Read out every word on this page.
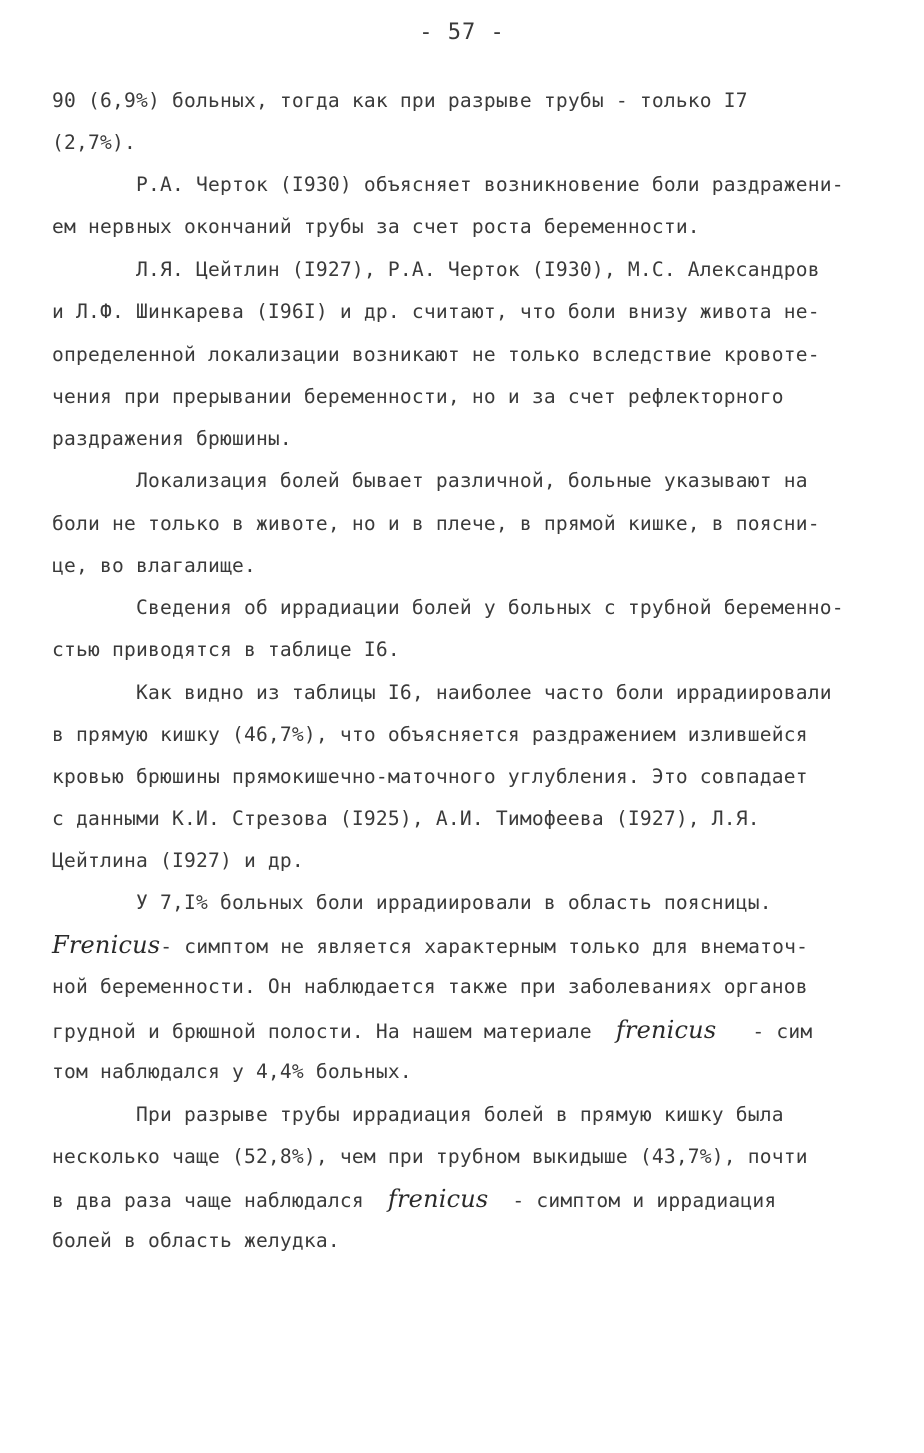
- 57 -
90 (6,9%) больных, тогда как при разрыве трубы - только I7
(2,7%).
Р.А. Черток (I930) объясняет возникновение боли раздражени-
ем нервных окончаний трубы за счет роста беременности.
Л.Я. Цейтлин (I927), Р.А. Черток (I930), М.С. Александров
и Л.Ф. Шинкарева (I96I) и др. считают, что боли внизу живота не-
определенной локализации возникают не только вследствие кровоте-
чения при прерывании беременности, но и за счет рефлекторного
раздражения брюшины.
Локализация болей бывает различной, больные указывают на
боли не только в животе, но и в плече, в прямой кишке, в поясни-
це, во влагалище.
Сведения об иррадиации болей у больных с трубной беременно-
стью приводятся в таблице I6.
Как видно из таблицы I6, наиболее часто боли иррадиировали
в прямую кишку (46,7%), что объясняется раздражением излившейся
кровью брюшины прямокишечно-маточного углубления. Это совпадает
с данными К.И. Стрезова (I925), А.И. Тимофеева (I927), Л.Я.
Цейтлина (I927) и др.
У 7,I% больных боли иррадиировали в область поясницы.
Frenicus- симптом не является характерным только для внематоч-
ной беременности. Он наблюдается также при заболеваниях органов
грудной и брюшной полости. На нашем материале  frenicus   - сим
том наблюдался у 4,4% больных.
При разрыве трубы иррадиация болей в прямую кишку была
несколько чаще (52,8%), чем при трубном выкидыше (43,7%), почти
в два раза чаще наблюдался  frenicus  - симптом и иррадиация
болей в область желудка.
